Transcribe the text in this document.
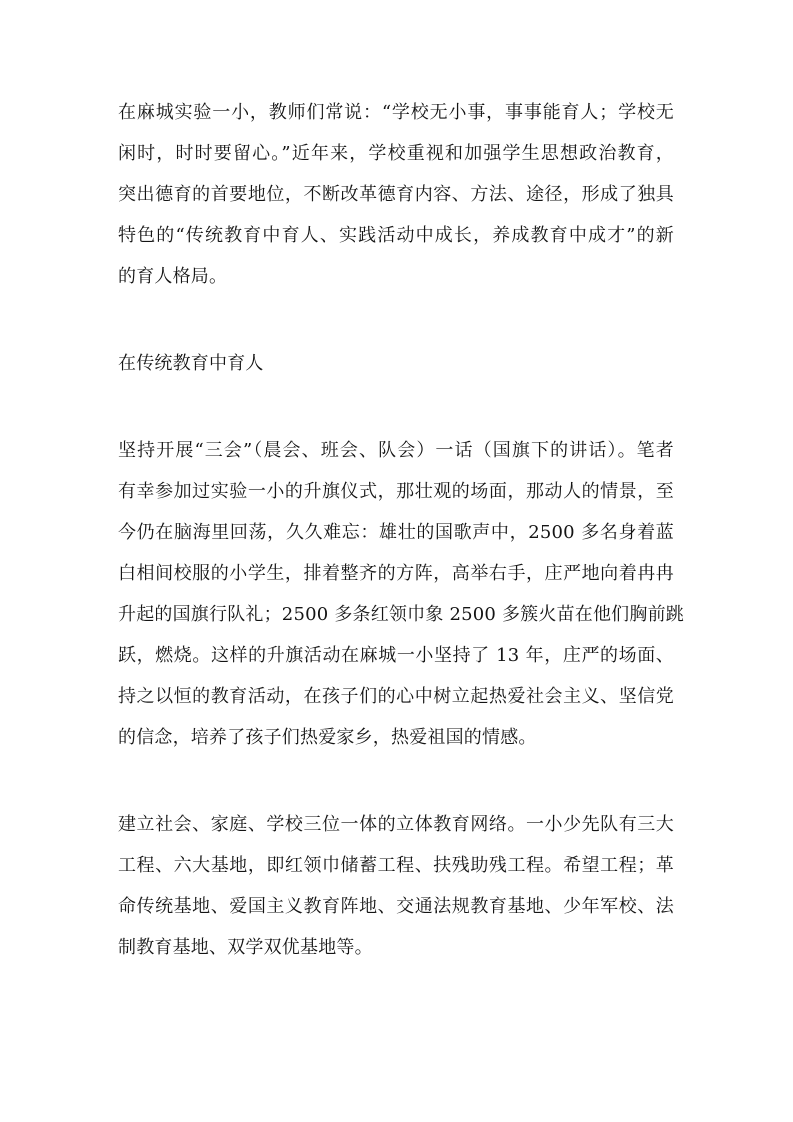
在麻城实验一小，教师们常说：“学校无小事，事事能育人；学校无
闲时，时时要留心。”近年来，学校重视和加强学生思想政治教育，
突出德育的首要地位，不断改革德育内容、方法、途径，形成了独具
特色的“传统教育中育人、实践活动中成长，养成教育中成才”的新
的育人格局。
在传统教育中育人
坚持开展“三会”（晨会、班会、队会）一话（国旗下的讲话）。笔者
有幸参加过实验一小的升旗仪式，那壮观的场面，那动人的情景，至
今仍在脑海里回荡，久久难忘：雄壮的国歌声中，2500 多名身着蓝
白相间校服的小学生，排着整齐的方阵，高举右手，庄严地向着冉冉
升起的国旗行队礼；2500 多条红领巾象 2500 多簇火苗在他们胸前跳
跃，燃烧。这样的升旗活动在麻城一小坚持了 13 年，庄严的场面、
持之以恒的教育活动，在孩子们的心中树立起热爱社会主义、坚信党
的信念，培养了孩子们热爱家乡，热爱祖国的情感。
建立社会、家庭、学校三位一体的立体教育网络。一小少先队有三大
工程、六大基地，即红领巾储蓄工程、扶残助残工程。希望工程；革
命传统基地、爱国主义教育阵地、交通法规教育基地、少年军校、法
制教育基地、双学双优基地等。
